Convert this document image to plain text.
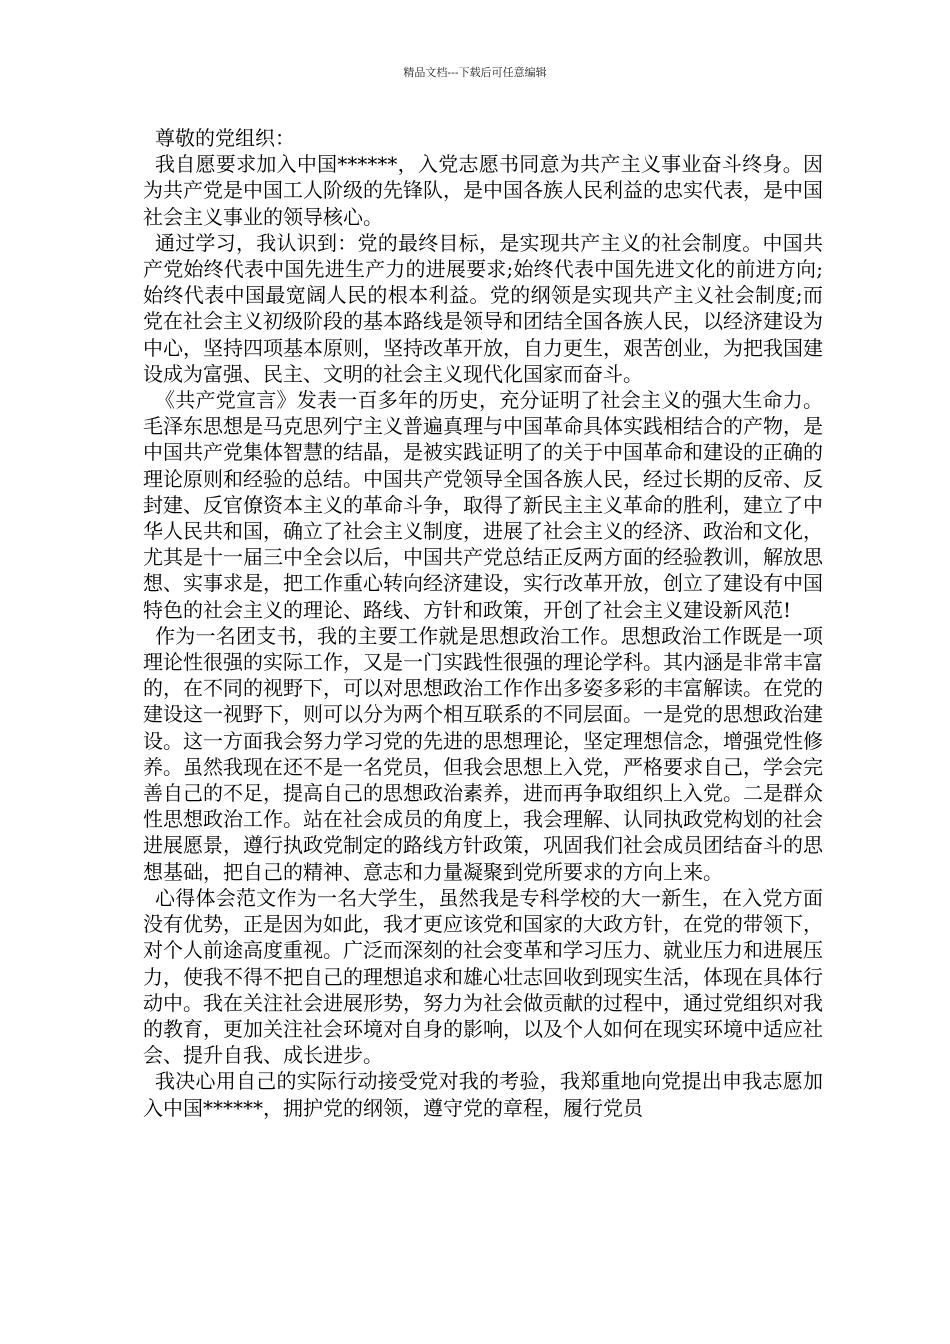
精品文档---下载后可任意编辑

尊敬的党组织：

我自愿要求加入中国******，入党志愿书同意为共产主义事业奋斗终身。因为共产党是中国工人阶级的先锋队，是中国各族人民利益的忠实代表，是中国社会主义事业的领导核心。

通过学习，我认识到：党的最终目标，是实现共产主义的社会制度。中国共产党始终代表中国先进生产力的进展要求;始终代表中国先进文化的前进方向;始终代表中国最宽阔人民的根本利益。党的纲领是实现共产主义社会制度;而党在社会主义初级阶段的基本路线是领导和团结全国各族人民，以经济建设为中心，坚持四项基本原则，坚持改革开放，自力更生，艰苦创业，为把我国建设成为富强、民主、文明的社会主义现代化国家而奋斗。

《共产党宣言》发表一百多年的历史，充分证明了社会主义的强大生命力。毛泽东思想是马克思列宁主义普遍真理与中国革命具体实践相结合的产物，是中国共产党集体智慧的结晶，是被实践证明了的关于中国革命和建设的正确的理论原则和经验的总结。中国共产党领导全国各族人民，经过长期的反帝、反封建、反官僚资本主义的革命斗争，取得了新民主主义革命的胜利，建立了中华人民共和国，确立了社会主义制度，进展了社会主义的经济、政治和文化，尤其是十一届三中全会以后，中国共产党总结正反两方面的经验教训，解放思想、实事求是，把工作重心转向经济建设，实行改革开放，创立了建设有中国特色的社会主义的理论、路线、方针和政策，开创了社会主义建设新风范!

作为一名团支书，我的主要工作就是思想政治工作。思想政治工作既是一项理论性很强的实际工作，又是一门实践性很强的理论学科。其内涵是非常丰富的，在不同的视野下，可以对思想政治工作作出多姿多彩的丰富解读。在党的建设这一视野下，则可以分为两个相互联系的不同层面。一是党的思想政治建设。这一方面我会努力学习党的先进的思想理论，坚定理想信念，增强党性修养。虽然我现在还不是一名党员，但我会思想上入党，严格要求自己，学会完善自己的不足，提高自己的思想政治素养，进而再争取组织上入党。二是群众性思想政治工作。站在社会成员的角度上，我会理解、认同执政党构划的社会进展愿景，遵行执政党制定的路线方针政策，巩固我们社会成员团结奋斗的思想基础，把自己的精神、意志和力量凝聚到党所要求的方向上来。

心得体会范文作为一名大学生，虽然我是专科学校的大一新生，在入党方面没有优势，正是因为如此，我才更应该党和国家的大政方针，在党的带领下，对个人前途高度重视。广泛而深刻的社会变革和学习压力、就业压力和进展压力，使我不得不把自己的理想追求和雄心壮志回收到现实生活，体现在具体行动中。我在关注社会进展形势，努力为社会做贡献的过程中，通过党组织对我的教育，更加关注社会环境对自身的影响，以及个人如何在现实环境中适应社会、提升自我、成长进步。

我决心用自己的实际行动接受党对我的考验，我郑重地向党提出申我志愿加入中国******，拥护党的纲领，遵守党的章程，履行党员
